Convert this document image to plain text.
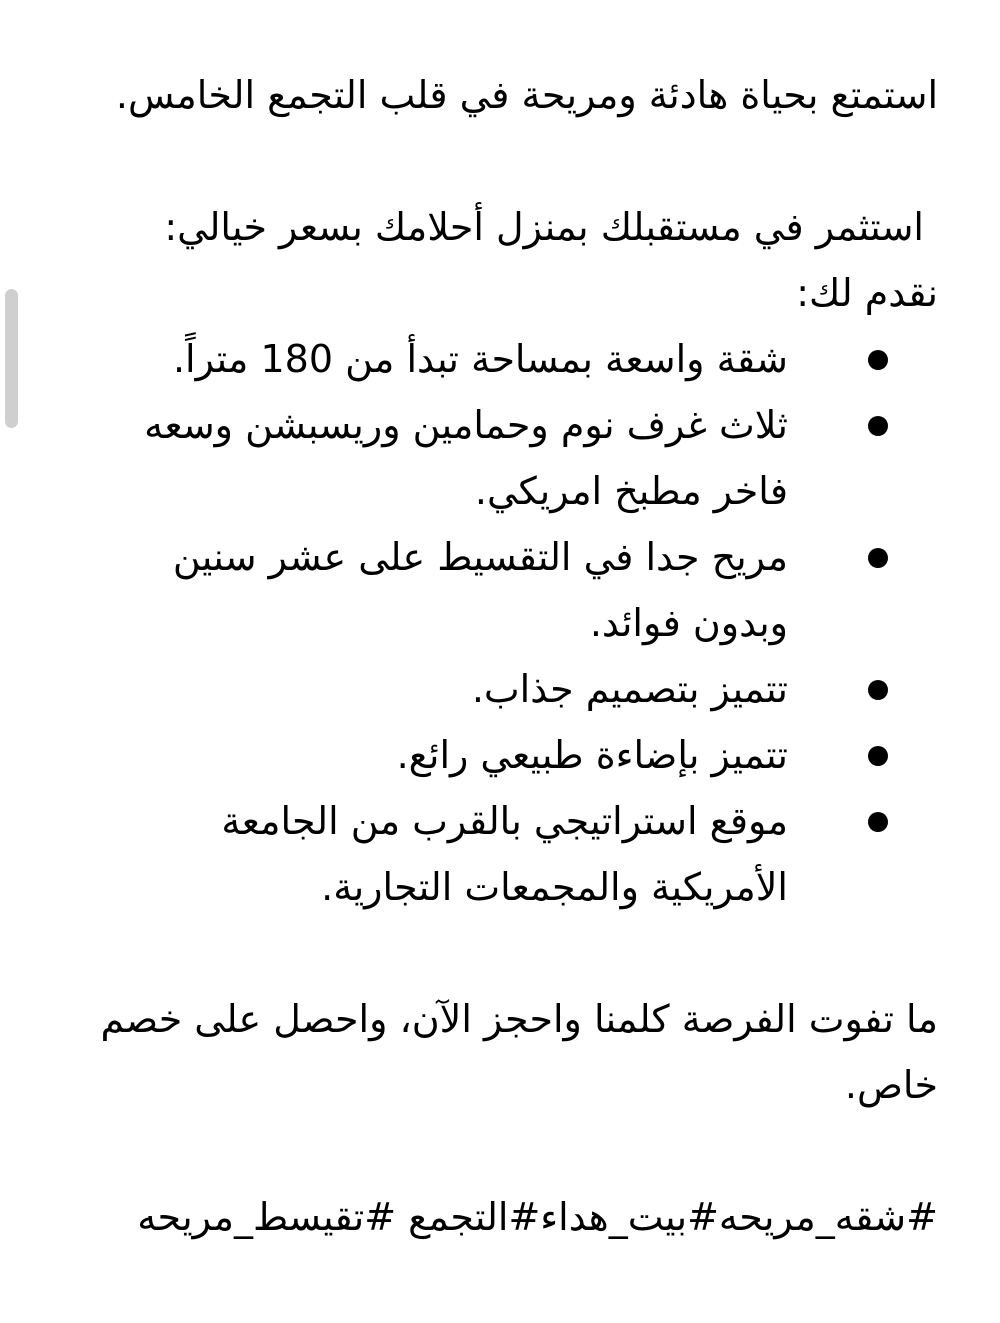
استمتع بحياة هادئة ومريحة في قلب التجمع الخامس.

استثمر في مستقبلك بمنزل أحلامك بسعر خيالي:

نقدم لك:

شقة واسعة بمساحة تبدأ من 180 متراً.
ثلاث غرف نوم وحمامين وريسبشن وسعه فاخر مطبخ امريكي.
مريح جدا في التقسيط على عشر سنين وبدون فوائد.
تتميز بتصميم جذاب.
تتميز بإضاءة طبيعي رائع.
موقع استراتيجي بالقرب من الجامعة الأمريكية والمجمعات التجارية.

ما تفوت الفرصة كلمنا واحجز الآن، واحصل على خصم خاص.

#شقه_مريحه#بيت_هداء#التجمع #تقيسط_مريحه
